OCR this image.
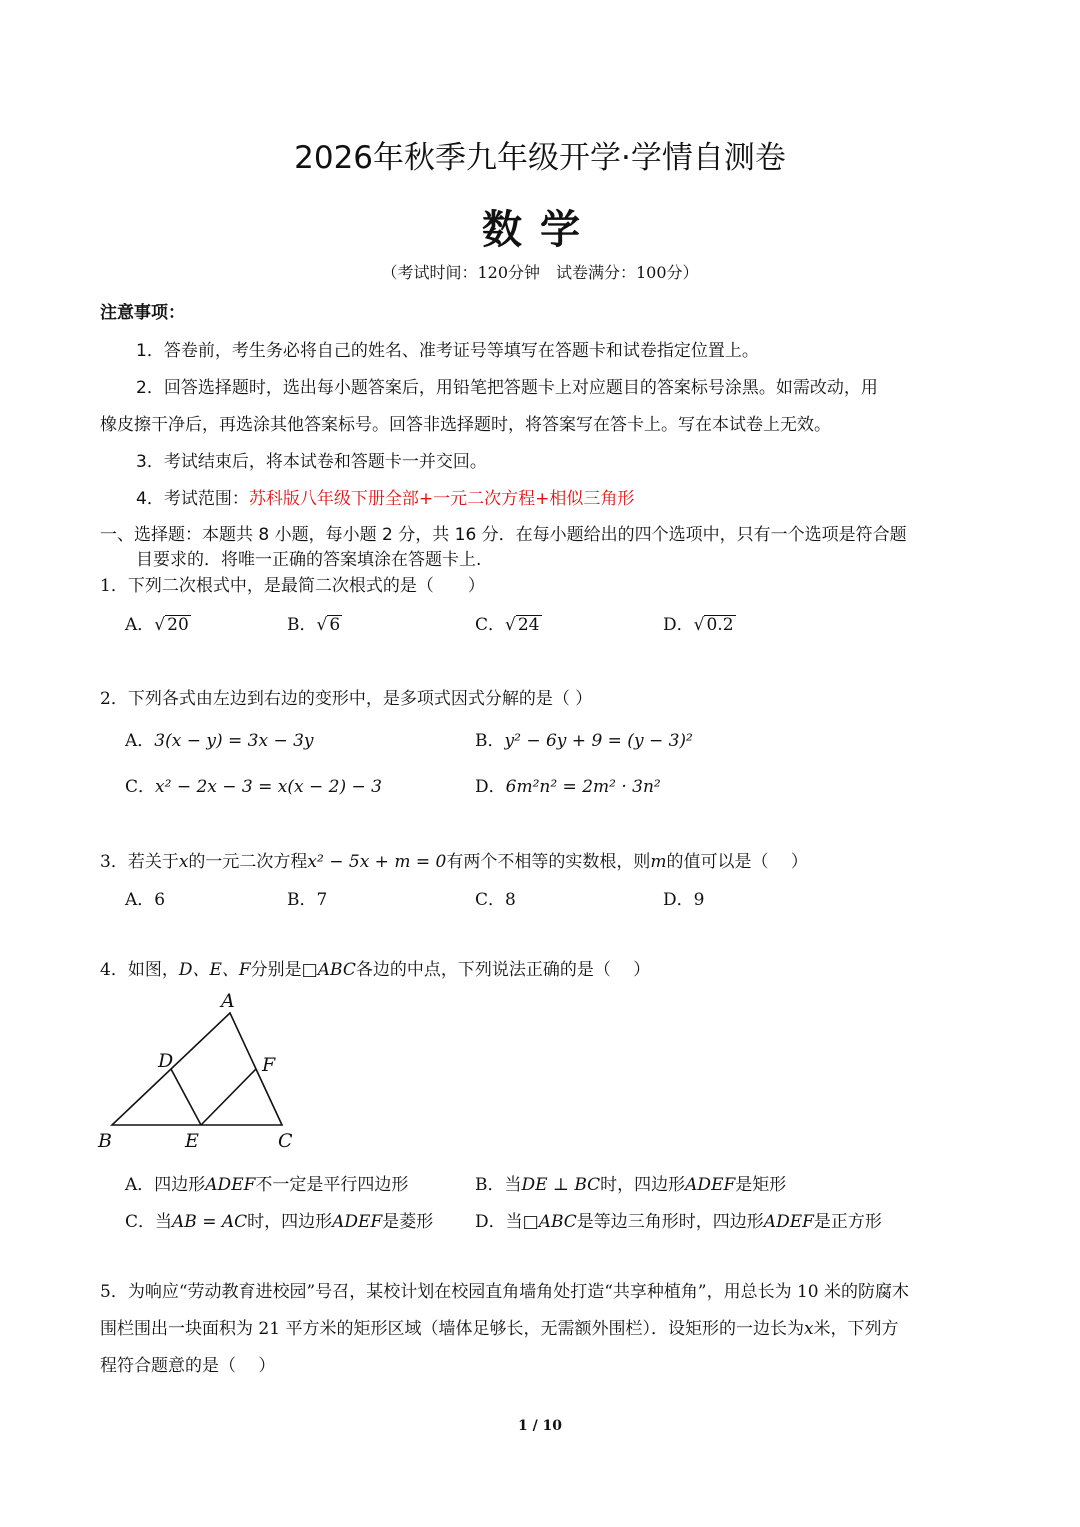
2026年秋季九年级开学·学情自测卷
数学
（考试时间：120分钟　试卷满分：100分）
注意事项：
1．答卷前，考生务必将自己的姓名、准考证号等填写在答题卡和试卷指定位置上。
2．回答选择题时，选出每小题答案后，用铅笔把答题卡上对应题目的答案标号涂黑。如需改动，用
橡皮擦干净后，再选涂其他答案标号。回答非选择题时，将答案写在答卡上。写在本试卷上无效。
3．考试结束后，将本试卷和答题卡一并交回。
4．考试范围：苏科版八年级下册全部+一元二次方程+相似三角形
一、选择题：本题共 8 小题，每小题 2 分，共 16 分．在每小题给出的四个选项中，只有一个选项是符合题
目要求的．将唯一正确的答案填涂在答题卡上.
1．下列二次根式中，是最简二次根式的是（　　）
A．√ 20	B．√ 6	C．√ 24	D．√ 0.2
2．下列各式由左边到右边的变形中，是多项式因式分解的是（ ）
A．3(x − y) = 3x − 3y	B．y² − 6y + 9 = (y − 3)²
C．x² − 2x − 3 = x(x − 2) − 3	D．6m²n² = 2m² · 3n²
3．若关于x的一元二次方程x² − 5x + m = 0有两个不相等的实数根，则m的值可以是（　 ）
A．6	B．7	C．8	D．9
4．如图，D、E、F分别是□ABC各边的中点，下列说法正确的是（　 ）
A
D	F
B	E	C
A．四边形ADEF不一定是平行四边形	B．当DE ⊥ BC时，四边形ADEF是矩形
C．当AB = AC时，四边形ADEF是菱形 D．当□ABC是等边三角形时，四边形ADEF是正方形
5．为响应“劳动教育进校园”号召，某校计划在校园直角墙角处打造“共享种植角”，用总长为 10 米的防腐木
围栏围出一块面积为 21 平方米的矩形区域（墙体足够长，无需额外围栏）．设矩形的一边长为x米，下列方
程符合题意的是（　 ）
1 / 10
